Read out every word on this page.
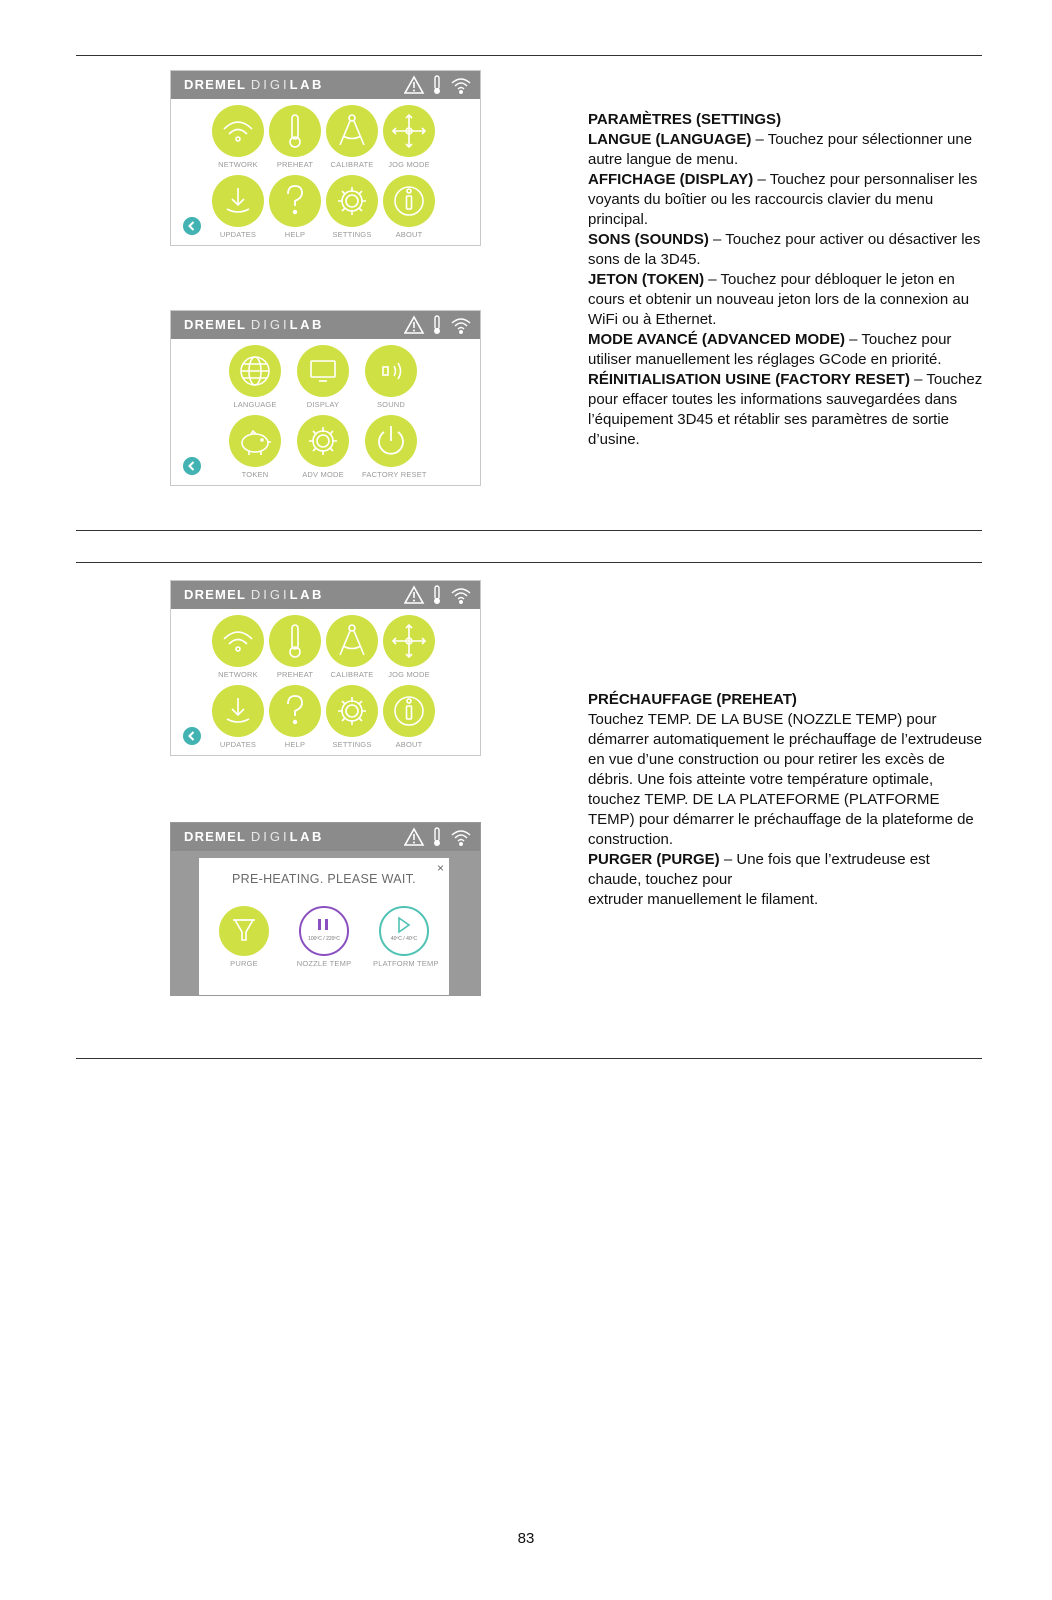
DREMEL DIGILAB
NETWORK	PREHEAT	CALIBRATE	JOG MODE
UPDATES	HELP	SETTINGS	ABOUT
DREMEL DIGILAB
LANGUAGE	DISPLAY	SOUND
TOKEN	ADV MODE	FACTORY RESET
DREMEL DIGILAB
NETWORK	PREHEAT	CALIBRATE	JOG MODE
UPDATES	HELP	SETTINGS	ABOUT
DREMEL DIGILAB
PRE-HEATING. PLEASE WAIT.
×
PURGE
100ºC / 220ºC
NOZZLE TEMP
40ºC / 40ºC
PLATFORM TEMP

PARAMÈTRES (SETTINGS)

LANGUE (LANGUAGE) – Touchez pour sélectionner une autre langue de menu.

AFFICHAGE (DISPLAY) – Touchez pour personnaliser les voyants du boîtier ou les raccourcis clavier du menu principal.

SONS (SOUNDS) – Touchez pour activer ou désactiver les sons de la 3D45.

JETON (TOKEN) – Touchez pour débloquer le jeton en cours et obtenir un nouveau jeton lors de la connexion au WiFi ou à Ethernet.

MODE AVANCÉ (ADVANCED MODE) – Touchez pour utiliser manuellement les réglages GCode en priorité.

RÉINITIALISATION USINE (FACTORY RESET) – Touchez pour effacer toutes les informations sauvegardées dans l’équipement 3D45 et rétablir ses paramètres de sortie d’usine.

PRÉCHAUFFAGE (PREHEAT)

Touchez TEMP. DE LA BUSE (NOZZLE TEMP) pour démarrer automatiquement le préchauffage de l’extrudeuse en vue d’une construction ou pour retirer les excès de débris. Une fois atteinte votre température optimale, touchez TEMP. DE LA PLATEFORME (PLATFORME TEMP) pour démarrer le préchauffage de la plateforme de construction.

PURGER (PURGE) – Une fois que l’extrudeuse est chaude, touchez pour

extruder manuellement le filament.

83
